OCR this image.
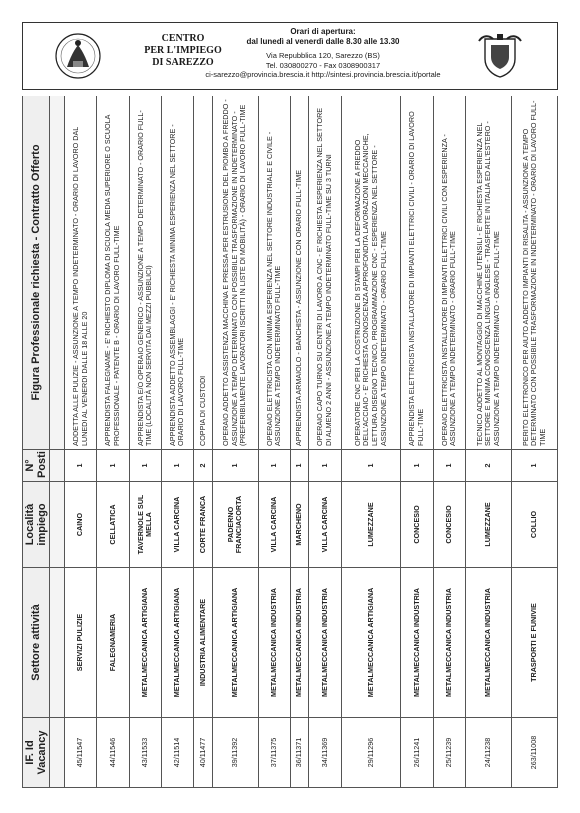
CENTRO
PER L'IMPIEGO
DI SAREZZO
Orari di apertura:
dal lunedì al venerdì dalle 8.30 alle 13.30
Via Repubblica 120, Sarezzo (BS)
Tel. 030800270 - Fax 0308900317
ci-sarezzo@provincia.brescia.it http://sintesi.provincia.brescia.it/portale
IF. Id Vacancy	Settore attività	Località impiego	N° Posti	Figura Professionale richiesta - Contratto Offerto

45/11547	SERVIZI PULIZIE	CAINO	1	ADDETTA ALLE PULIZIE - ASSUNZIONE A TEMPO INDETERMINATO - ORARIO DI LAVORO DAL LUNEDI AL VENERDI DALLE 18 ALLE 20
44/11546	FALEGNAMERIA	CELLATICA	1	APPRENDISTA FALEGNAME - E' RICHIESTO DIPLOMA DI SCUOLA MEDIA SUPERIORE O SCUOLA PROFESSIONALE - PATENTE B - ORARIO DI LAVORO FULL-TIME
43/11533	METALMECCANICA ARTIGIANA	TAVERNOLE SUL MELLA	1	APPRENDISTA E/O OPERAIO GENERICO - ASSUNZIONE A TEMPO DETERMINATO - ORARIO FULL-TIME (LOCALITÀ NON SERVITA DAI MEZZI PUBBLICI)
42/11514	METALMECCANICA ARTIGIANA	VILLA CARCINA	1	APPRENDISTA ADDETTO ASSEMBLAGGI - E' RICHIESTA MINIMA ESPERIENZA NEL SETTORE - ORARIO DI LAVORO FULL-TIME
40/11477	INDUSTRIA ALIMENTARE	CORTE FRANCA	2	COPPIA DI CUSTODI
39/11392	METALMECCANICA ARTIGIANA	PADERNO FRANCIACORTA	1	OPERAIO ADDETTO ASSISTENZA MACCHINA E PRESSA PER ESTRUSIONE DEL PIOMBO A FREDDO - ASSUNZIONE A TEMPO DETERMINATO CON POSSIBILE TRASFORMAZIONE IN INDETERMINATO - (PREFERIBILMENTE LAVORATORI ISCRITTI IN LISTE DI MOBILITÀ) - ORARIO DI LAVORO FULL-TIME
37/11375	METALMECCANICA INDUSTRIA	VILLA CARCINA	1	OPERAIO ELETTRICISTA CON MINIMA ESPERIENZA NEL SETTORE INDUSTRIALE E CIVILE - ASSUNZIONE A TEMPO INDETERMINATO FULL-TIME
36/11371	METALMECCANICA INDUSTRIA	MARCHENO	1	APPRENDISTA ARMAIOLO - BANCHISTA - ASSUNZIONE CON ORARIO FULL-TIME
34/11369	METALMECCANICA INDUSTRIA	VILLA CARCINA	1	OPERAIO CAPO TURNO SU CENTRI DI LAVORO A CNC - E' RICHIESTA ESPERIENZA NEL SETTORE DI ALMENO 2 ANNI - ASSUNZIONE A TEMPO INDETERMINATO FULL-TIME SU 3 TURNI
29/11296	METALMECCANICA ARTIGIANA	LUMEZZANE	1	OPERATORE CNC PER LA COSTRUZIONE DI STAMPI PER LA DEFORMAZIONE A FREDDO DELL'ACCIAIO - E' RICHIESTA CONOSCENZA APPROFONDITA LAVORAZIONI MECCANICHE, LETTURA DISEGNO TECNICO, PROGRAMMAZIONE CNC - ESPERIENZA NEL SETTORE - ASSUNZIONE A TEMPO INDETERMINATO - ORARIO FULL-TIME
26/11241	METALMECCANICA INDUSTRIA	CONCESIO	1	APPRENDISTA ELETTRICISTA INSTALLATORE DI IMPIANTI ELETTRICI CIVILI - ORARIO DI LAVORO FULL-TIME
25/11239	METALMECCANICA INDUSTRIA	CONCESIO	1	OPERAIO ELETTRICISTA INSTALLATORE DI IMPIANTI ELETTRICI CIVILI CON ESPERIENZA - ASSUNZIONE A TEMPO INDETERMINATO - ORARIO FULL-TIME
24/11238	METALMECCANICA INDUSTRIA	LUMEZZANE	2	TECNICO ADDETTO AL MONTAGGIO DI MACCHINE UTENSILI - E' RICHIESTA ESPERIENZA NEL SETTORE E MINIMA CONOSCENZA LINGUA INGLESE - TRASFERTE IN ITALIA ED ALL'ESTERO - ASSUNZIONE A TEMPO INDETERMINATO - ORARIO FULL-TIME
263/11008	TRASPORTI E FUNIVIE	COLLIO	1	PERITO ELETTRONICO PER AIUTO ADDETTO IMPIANTI DI RISALITA - ASSUNZIONE A TEMPO DETERMINATO CON POSSIBILE TRASFORMAZIONE IN INDETERMINATO - ORARIO DI LAVORO FULL-TIME
